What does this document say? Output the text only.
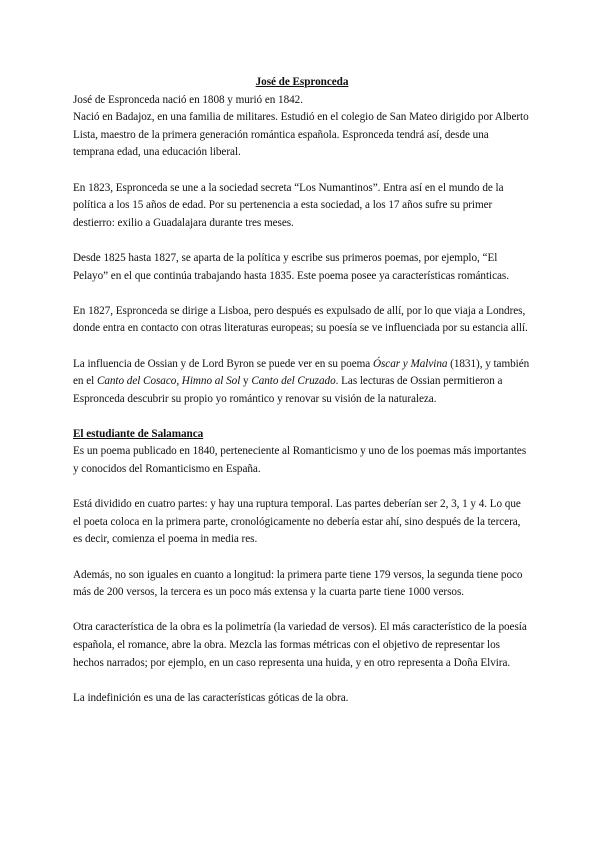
José de Espronceda

José de Espronceda nació en 1808 y murió en 1842.

Nació en Badajoz, en una familia de militares. Estudió en el colegio de San Mateo dirigido por Alberto Lista, maestro de la primera generación romántica española. Espronceda tendrá así, desde una temprana edad, una educación liberal.

En 1823, Espronceda se une a la sociedad secreta “Los Numantinos”. Entra así en el mundo de la política a los 15 años de edad. Por su pertenencia a esta sociedad, a los 17 años sufre su primer destierro: exilio a Guadalajara durante tres meses.

Desde 1825 hasta 1827, se aparta de la política y escribe sus primeros poemas, por ejemplo, “El Pelayo” en el que continúa trabajando hasta 1835. Este poema posee ya características románticas.

En 1827, Espronceda se dirige a Lisboa, pero después es expulsado de allí, por lo que viaja a Londres, donde entra en contacto con otras literaturas europeas; su poesía se ve influenciada por su estancia allí.

La influencia de Ossian y de Lord Byron se puede ver en su poema Óscar y Malvina (1831), y también en el Canto del Cosaco, Himno al Sol y Canto del Cruzado. Las lecturas de Ossian permitieron a Espronceda descubrir su propio yo romántico y renovar su visión de la naturaleza.

El estudiante de Salamanca

Es un poema publicado en 1840, perteneciente al Romanticismo y uno de los poemas más importantes y conocidos del Romanticismo en España.

Está dividido en cuatro partes: y hay una ruptura temporal. Las partes deberían ser 2, 3, 1 y 4. Lo que el poeta coloca en la primera parte, cronológicamente no debería estar ahí, sino después de la tercera, es decir, comienza el poema in media res.

Además, no son iguales en cuanto a longitud: la primera parte tiene 179 versos, la segunda tiene poco más de 200 versos, la tercera es un poco más extensa y la cuarta parte tiene 1000 versos.

Otra característica de la obra es la polimetría (la variedad de versos). El más característico de la poesía española, el romance, abre la obra. Mezcla las formas métricas con el objetivo de representar los hechos narrados; por ejemplo, en un caso representa una huida, y en otro representa a Doña Elvira.

La indefinición es una de las características góticas de la obra.
